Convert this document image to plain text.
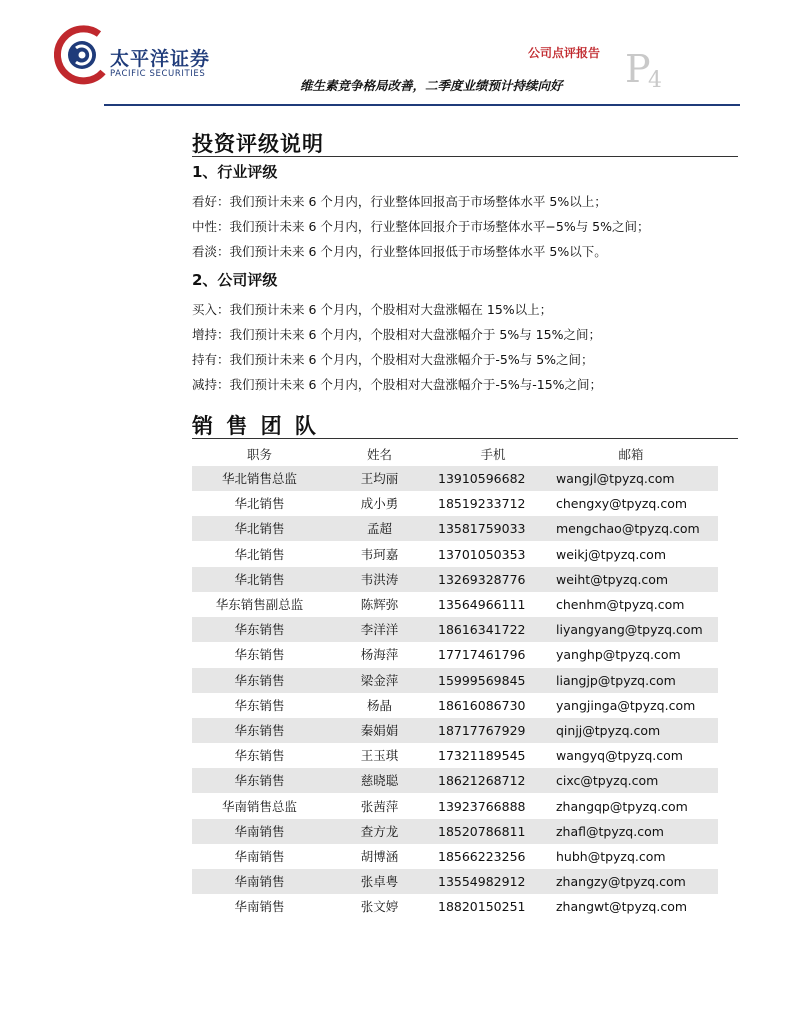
太平洋证券
PACIFIC SECURITIES
公司点评报告
维生素竞争格局改善，二季度业绩预计持续向好 P
4
投资评级说明
1、行业评级
看好：我们预计未来 6 个月内，行业整体回报高于市场整体水平 5%以上；
中性：我们预计未来 6 个月内，行业整体回报介于市场整体水平−5%与 5%之间；
看淡：我们预计未来 6 个月内，行业整体回报低于市场整体水平 5%以下。
2、公司评级
买入：我们预计未来 6 个月内，个股相对大盘涨幅在 15%以上；
增持：我们预计未来 6 个月内，个股相对大盘涨幅介于 5%与 15%之间；
持有：我们预计未来 6 个月内，个股相对大盘涨幅介于-5%与 5%之间；
减持：我们预计未来 6 个月内，个股相对大盘涨幅介于-5%与-15%之间；
销 售 团 队
职务	姓名	手机	邮箱
华北销售总监	王均丽	13910596682	wangjl@tpyzq.com
华北销售	成小勇	18519233712	chengxy@tpyzq.com
华北销售	孟超	13581759033	mengchao@tpyzq.com
华北销售	韦珂嘉	13701050353	weikj@tpyzq.com
华北销售	韦洪涛	13269328776	weiht@tpyzq.com
华东销售副总监	陈辉弥	13564966111	chenhm@tpyzq.com
华东销售	李洋洋	18616341722	liyangyang@tpyzq.com
华东销售	杨海萍	17717461796	yanghp@tpyzq.com
华东销售	梁金萍	15999569845	liangjp@tpyzq.com
华东销售	杨晶	18616086730	yangjinga@tpyzq.com
华东销售	秦娟娟	18717767929	qinjj@tpyzq.com
华东销售	王玉琪	17321189545	wangyq@tpyzq.com
华东销售	慈晓聪	18621268712	cixc@tpyzq.com
华南销售总监	张茜萍	13923766888	zhangqp@tpyzq.com
华南销售	查方龙	18520786811	zhafl@tpyzq.com
华南销售	胡博涵	18566223256	hubh@tpyzq.com
华南销售	张卓粤	13554982912	zhangzy@tpyzq.com
华南销售	张文婷	18820150251	zhangwt@tpyzq.com
